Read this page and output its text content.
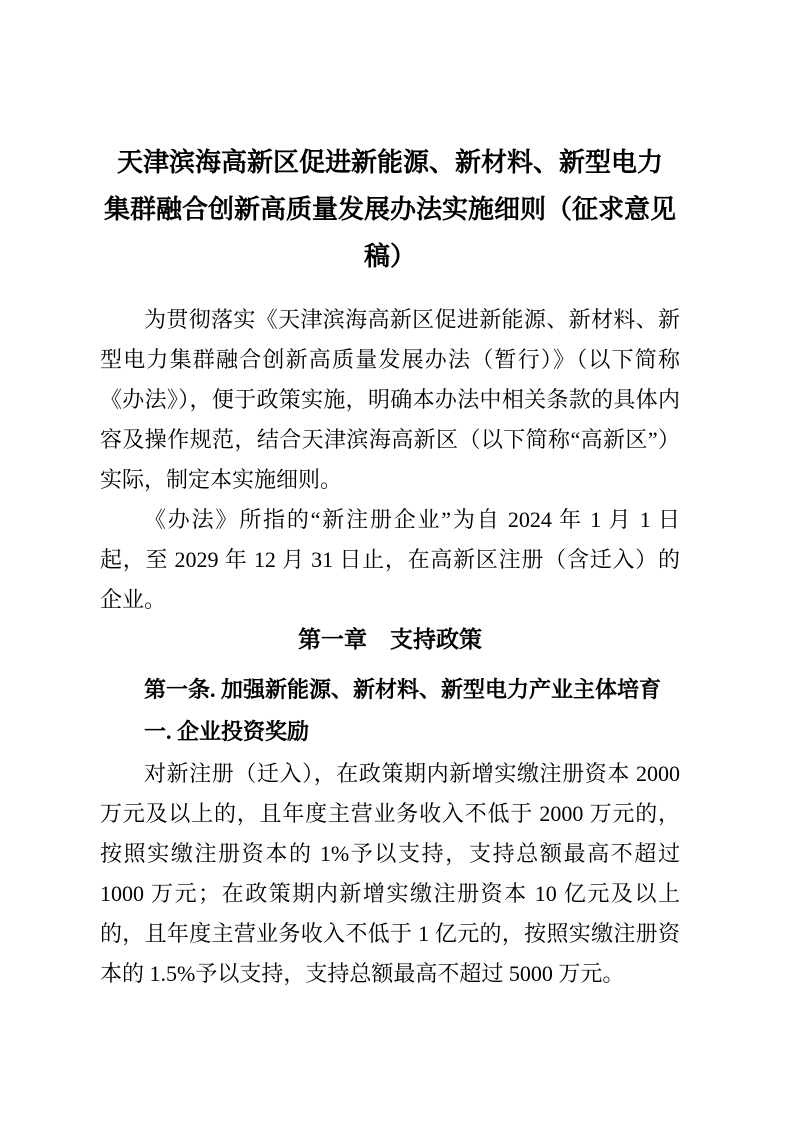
天津滨海高新区促进新能源、新材料、新型电力
集群融合创新高质量发展办法实施细则（征求意见
稿）

为贯彻落实《天津滨海高新区促进新能源、新材料、新型电力集群融合创新高质量发展办法（暂行）》（以下简称《办法》），便于政策实施，明确本办法中相关条款的具体内容及操作规范，结合天津滨海高新区（以下简称“高新区”）实际，制定本实施细则。

《办法》所指的“新注册企业”为自 2024 年 1 月 1 日起，至 2029 年 12 月 31 日止，在高新区注册（含迁入）的企业。

第一章　支持政策
第一条. 加强新能源、新材料、新型电力产业主体培育
一. 企业投资奖励

对新注册（迁入），在政策期内新增实缴注册资本 2000 万元及以上的，且年度主营业务收入不低于 2000 万元的，按照实缴注册资本的 1%予以支持，支持总额最高不超过 1000 万元；在政策期内新增实缴注册资本 10 亿元及以上的，且年度主营业务收入不低于 1 亿元的，按照实缴注册资本的 1.5%予以支持，支持总额最高不超过 5000 万元。
